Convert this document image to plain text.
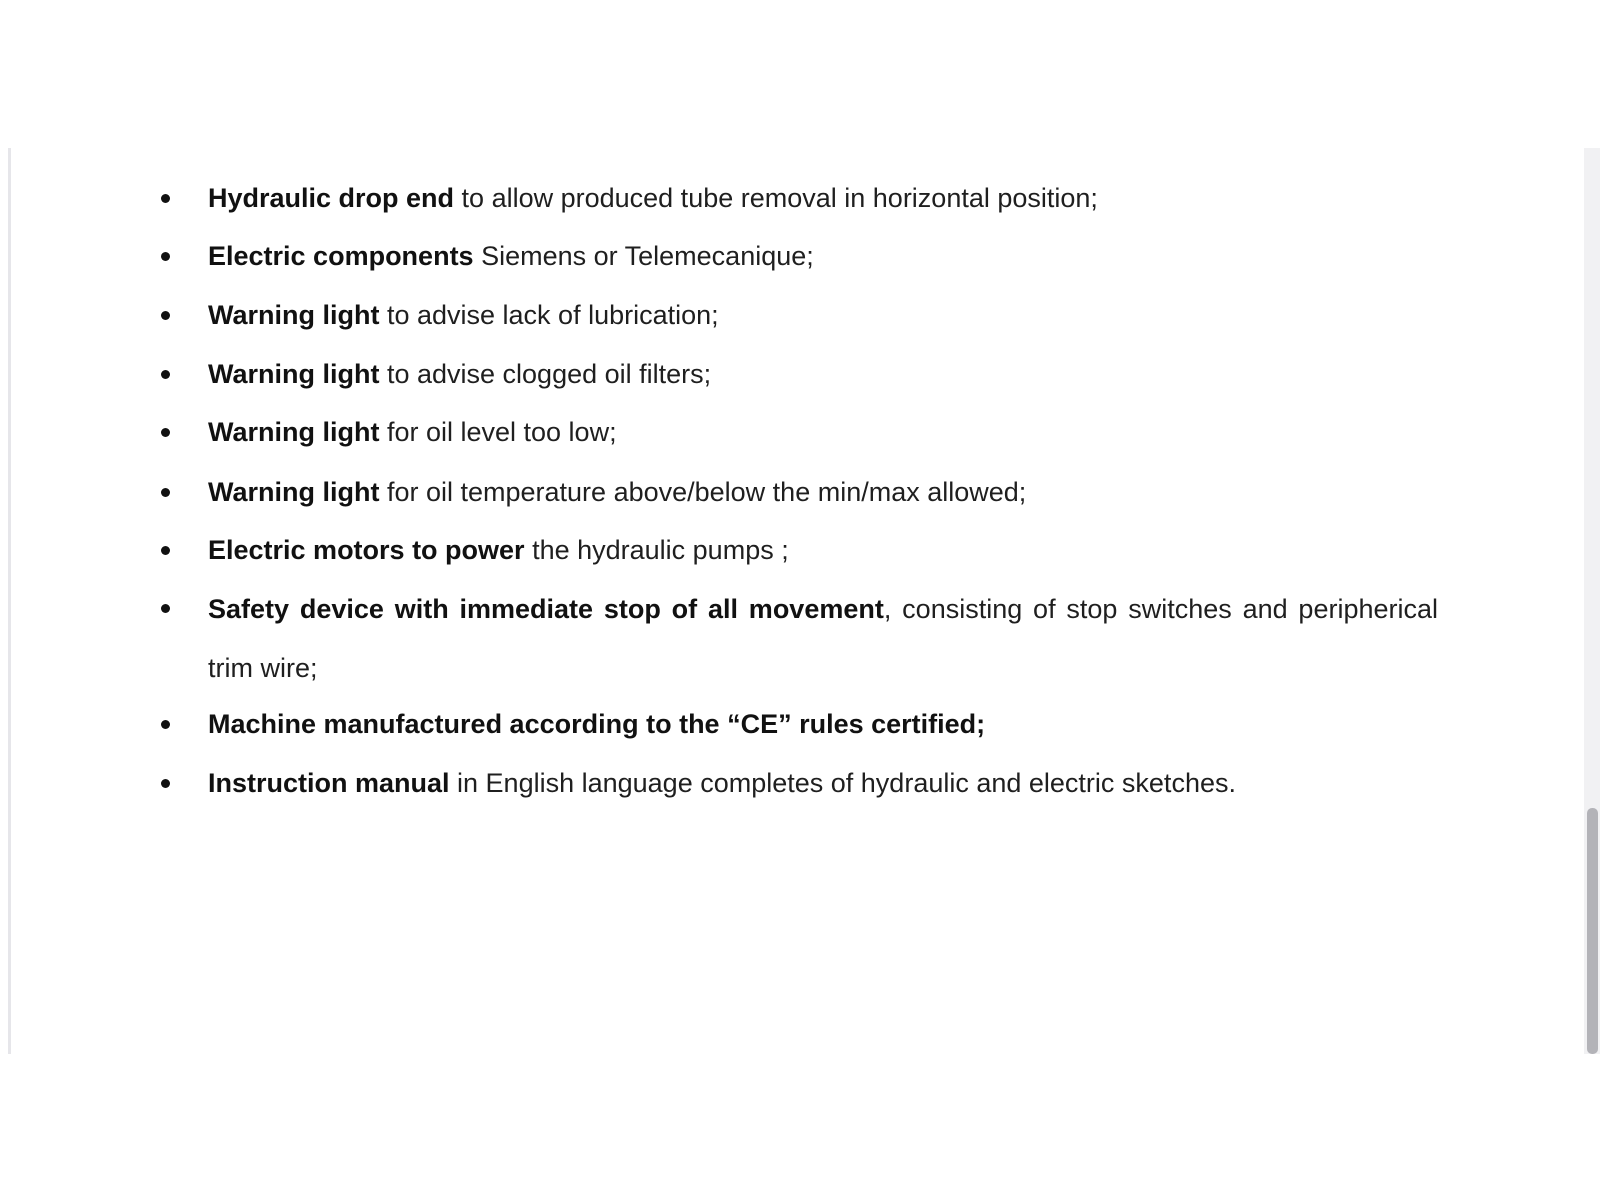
Hydraulic drop end to allow produced tube removal in horizontal position;
Electric components Siemens or Telemecanique;
Warning light to advise lack of lubrication;
Warning light to advise clogged oil filters;
Warning light for oil level too low;
Warning light for oil temperature above/below the min/max allowed;
Electric motors to power the hydraulic pumps ;
Safety device with immediate stop of all movement, consisting of stop switches and peripherical trim wire;
Machine manufactured according to the “CE” rules certified;
Instruction manual in English language completes of hydraulic and electric sketches.
